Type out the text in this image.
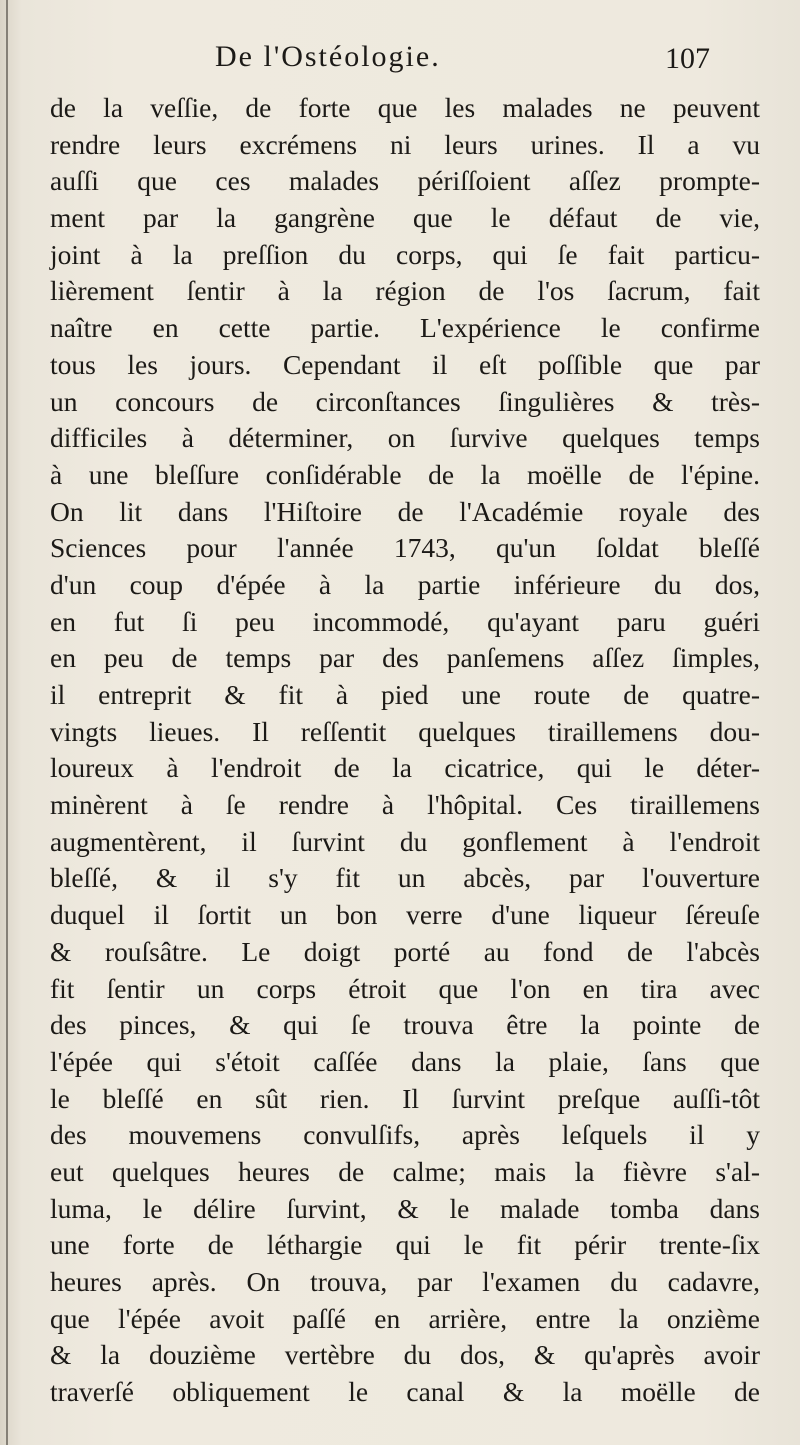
De l'Ostéologie.	107
de la veſſie, de forte que les malades ne peuvent
rendre leurs excrémens ni leurs urines. Il a vu
auſſi que ces malades périſſoient aſſez prompte-
ment par la gangrène que le défaut de vie,
joint à la preſſion du corps, qui ſe fait particu-
lièrement ſentir à la région de l'os ſacrum, fait
naître en cette partie. L'expérience le confirme
tous les jours. Cependant il eſt poſſible que par
un concours de circonſtances ſingulières & très-
difficiles à déterminer, on ſurvive quelques temps
à une bleſſure conſidérable de la moëlle de l'épine.
On lit dans l'Hiſtoire de l'Académie royale des
Sciences pour l'année 1743, qu'un ſoldat bleſſé
d'un coup d'épée à la partie inférieure du dos,
en fut ſi peu incommodé, qu'ayant paru guéri
en peu de temps par des panſemens aſſez ſimples,
il entreprit & fit à pied une route de quatre-
vingts lieues. Il reſſentit quelques tiraillemens dou-
loureux à l'endroit de la cicatrice, qui le déter-
minèrent à ſe rendre à l'hôpital. Ces tiraillemens
augmentèrent, il ſurvint du gonflement à l'endroit
bleſſé, & il s'y fit un abcès, par l'ouverture
duquel il ſortit un bon verre d'une liqueur ſéreuſe
& rouſsâtre. Le doigt porté au fond de l'abcès
fit ſentir un corps étroit que l'on en tira avec
des pinces, & qui ſe trouva être la pointe de
l'épée qui s'étoit caſſée dans la plaie, ſans que
le bleſſé en sût rien. Il ſurvint preſque auſſi-tôt
des mouvemens convulſifs, après leſquels il y
eut quelques heures de calme; mais la fièvre s'al-
luma, le délire ſurvint, & le malade tomba dans
une forte de léthargie qui le fit périr trente-ſix
heures après. On trouva, par l'examen du cadavre,
que l'épée avoit paſſé en arrière, entre la onzième
& la douzième vertèbre du dos, & qu'après avoir
traverſé obliquement le canal & la moëlle de
